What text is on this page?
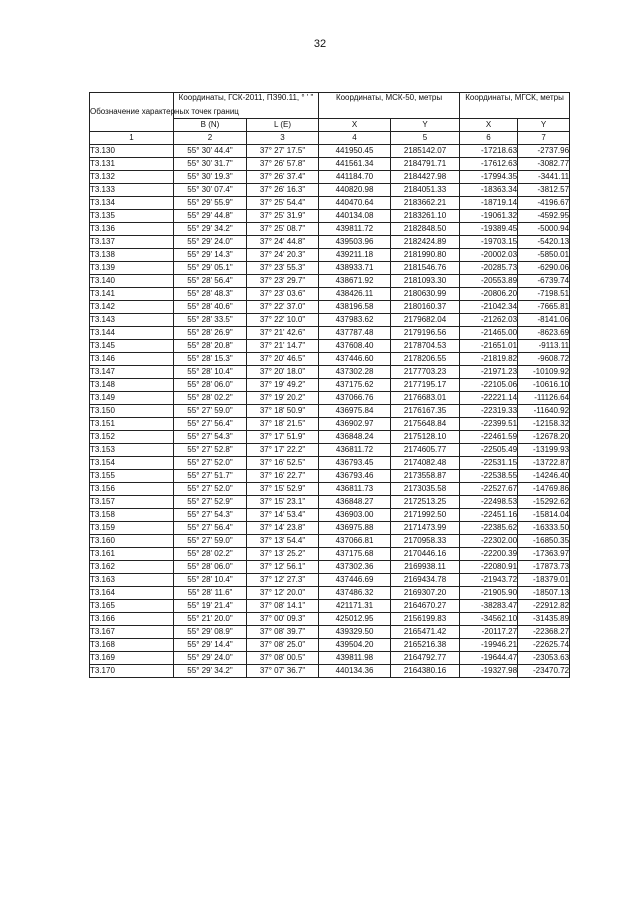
32
Обозначение характерных точек границ	Координаты, ГСК-2011, ПЗ90.11, ° ' "		Координаты, МСК-50, метры		Координаты, МГСК, метры	
	B (N)	L (E)	X	Y	X	Y
1	2	3	4	5	6	7
Т3.130	55° 30' 44.4"	37° 27' 17.5"	441950.45	2185142.07	-17218.63	-2737.96
Т3.131	55° 30' 31.7"	37° 26' 57.8"	441561.34	2184791.71	-17612.63	-3082.77
Т3.132	55° 30' 19.3"	37° 26' 37.4"	441184.70	2184427.98	-17994.35	-3441.11
Т3.133	55° 30' 07.4"	37° 26' 16.3"	440820.98	2184051.33	-18363.34	-3812.57
Т3.134	55° 29' 55.9"	37° 25' 54.4"	440470.64	2183662.21	-18719.14	-4196.67
Т3.135	55° 29' 44.8"	37° 25' 31.9"	440134.08	2183261.10	-19061.32	-4592.95
Т3.136	55° 29' 34.2"	37° 25' 08.7"	439811.72	2182848.50	-19389.45	-5000.94
Т3.137	55° 29' 24.0"	37° 24' 44.8"	439503.96	2182424.89	-19703.15	-5420.13
Т3.138	55° 29' 14.3"	37° 24' 20.3"	439211.18	2181990.80	-20002.03	-5850.01
Т3.139	55° 29' 05.1"	37° 23' 55.3"	438933.71	2181546.76	-20285.73	-6290.06
Т3.140	55° 28' 56.4"	37° 23' 29.7"	438671.92	2181093.30	-20553.89	-6739.74
Т3.141	55° 28' 48.3"	37° 23' 03.6"	438426.11	2180630.99	-20806.20	-7198.51
Т3.142	55° 28' 40.6"	37° 22' 37.0"	438196.58	2180160.37	-21042.34	-7665.81
Т3.143	55° 28' 33.5"	37° 22' 10.0"	437983.62	2179682.04	-21262.03	-8141.06
Т3.144	55° 28' 26.9"	37° 21' 42.6"	437787.48	2179196.56	-21465.00	-8623.69
Т3.145	55° 28' 20.8"	37° 21' 14.7"	437608.40	2178704.53	-21651.01	-9113.11
Т3.146	55° 28' 15.3"	37° 20' 46.5"	437446.60	2178206.55	-21819.82	-9608.72
Т3.147	55° 28' 10.4"	37° 20' 18.0"	437302.28	2177703.23	-21971.23	-10109.92
Т3.148	55° 28' 06.0"	37° 19' 49.2"	437175.62	2177195.17	-22105.06	-10616.10
Т3.149	55° 28' 02.2"	37° 19' 20.2"	437066.76	2176683.01	-22221.14	-11126.64
Т3.150	55° 27' 59.0"	37° 18' 50.9"	436975.84	2176167.35	-22319.33	-11640.92
Т3.151	55° 27' 56.4"	37° 18' 21.5"	436902.97	2175648.84	-22399.51	-12158.32
Т3.152	55° 27' 54.3"	37° 17' 51.9"	436848.24	2175128.10	-22461.59	-12678.20
Т3.153	55° 27' 52.8"	37° 17' 22.2"	436811.72	2174605.77	-22505.49	-13199.93
Т3.154	55° 27' 52.0"	37° 16' 52.5"	436793.45	2174082.48	-22531.15	-13722.87
Т3.155	55° 27' 51.7"	37° 16' 22.7"	436793.46	2173558.87	-22538.55	-14246.40
Т3.156	55° 27' 52.0"	37° 15' 52.9"	436811.73	2173035.58	-22527.67	-14769.86
Т3.157	55° 27' 52.9"	37° 15' 23.1"	436848.27	2172513.25	-22498.53	-15292.62
Т3.158	55° 27' 54.3"	37° 14' 53.4"	436903.00	2171992.50	-22451.16	-15814.04
Т3.159	55° 27' 56.4"	37° 14' 23.8"	436975.88	2171473.99	-22385.62	-16333.50
Т3.160	55° 27' 59.0"	37° 13' 54.4"	437066.81	2170958.33	-22302.00	-16850.35
Т3.161	55° 28' 02.2"	37° 13' 25.2"	437175.68	2170446.16	-22200.39	-17363.97
Т3.162	55° 28' 06.0"	37° 12' 56.1"	437302.36	2169938.11	-22080.91	-17873.73
Т3.163	55° 28' 10.4"	37° 12' 27.3"	437446.69	2169434.78	-21943.72	-18379.01
Т3.164	55° 28' 11.6"	37° 12' 20.0"	437486.32	2169307.20	-21905.90	-18507.13
Т3.165	55° 19' 21.4"	37° 08' 14.1"	421171.31	2164670.27	-38283.47	-22912.82
Т3.166	55° 21' 20.0"	37° 00' 09.3"	425012.95	2156199.83	-34562.10	-31435.89
Т3.167	55° 29' 08.9"	37° 08' 39.7"	439329.50	2165471.42	-20117.27	-22368.27
Т3.168	55° 29' 14.4"	37° 08' 25.0"	439504.20	2165216.38	-19946.21	-22625.74
Т3.169	55° 29' 24.0"	37° 08' 00.5"	439811.98	2164792.77	-19644.47	-23053.63
Т3.170	55° 29' 34.2"	37° 07' 36.7"	440134.36	2164380.16	-19327.98	-23470.72
